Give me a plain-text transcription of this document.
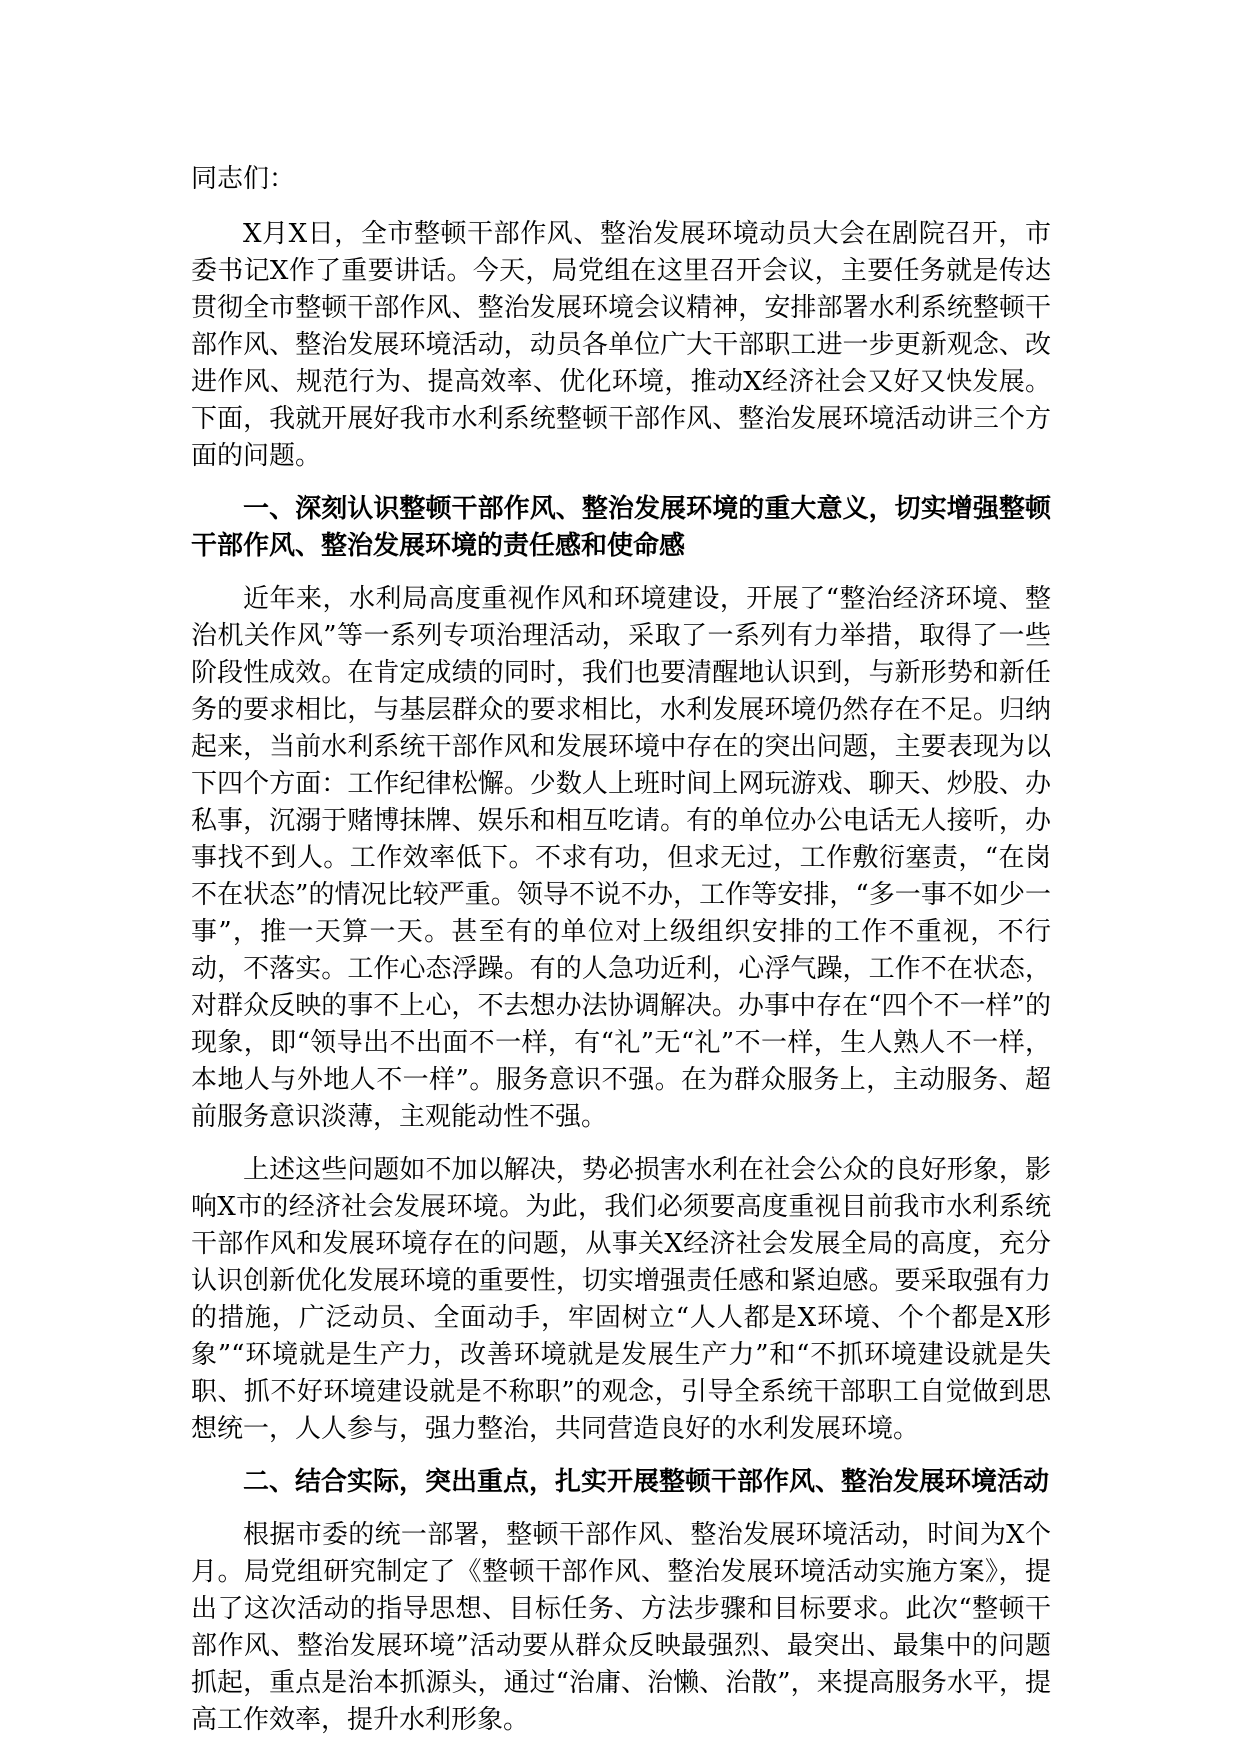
同志们：

X月X日，全市整顿干部作风、整治发展环境动员大会在剧院召开，市委书记X作了重要讲话。今天，局党组在这里召开会议，主要任务就是传达贯彻全市整顿干部作风、整治发展环境会议精神，安排部署水利系统整顿干部作风、整治发展环境活动，动员各单位广大干部职工进一步更新观念、改进作风、规范行为、提高效率、优化环境，推动X经济社会又好又快发展。下面，我就开展好我市水利系统整顿干部作风、整治发展环境活动讲三个方面的问题。

一、深刻认识整顿干部作风、整治发展环境的重大意义，切实增强整顿干部作风、整治发展环境的责任感和使命感

近年来，水利局高度重视作风和环境建设，开展了“整治经济环境、整治机关作风”等一系列专项治理活动，采取了一系列有力举措，取得了一些阶段性成效。在肯定成绩的同时，我们也要清醒地认识到，与新形势和新任务的要求相比，与基层群众的要求相比，水利发展环境仍然存在不足。归纳起来，当前水利系统干部作风和发展环境中存在的突出问题，主要表现为以下四个方面：工作纪律松懈。少数人上班时间上网玩游戏、聊天、炒股、办私事，沉溺于赌博抹牌、娱乐和相互吃请。有的单位办公电话无人接听，办事找不到人。工作效率低下。不求有功，但求无过，工作敷衍塞责，“在岗不在状态”的情况比较严重。领导不说不办，工作等安排，“多一事不如少一事”，推一天算一天。甚至有的单位对上级组织安排的工作不重视，不行动，不落实。工作心态浮躁。有的人急功近利，心浮气躁，工作不在状态，对群众反映的事不上心，不去想办法协调解决。办事中存在“四个不一样”的现象，即“领导出不出面不一样，有“礼”无“礼”不一样，生人熟人不一样，本地人与外地人不一样”。服务意识不强。在为群众服务上，主动服务、超前服务意识淡薄，主观能动性不强。

上述这些问题如不加以解决，势必损害水利在社会公众的良好形象，影响X市的经济社会发展环境。为此，我们必须要高度重视目前我市水利系统干部作风和发展环境存在的问题，从事关X经济社会发展全局的高度，充分认识创新优化发展环境的重要性，切实增强责任感和紧迫感。要采取强有力的措施，广泛动员、全面动手，牢固树立“人人都是X环境、个个都是X形象”“环境就是生产力，改善环境就是发展生产力”和“不抓环境建设就是失职、抓不好环境建设就是不称职”的观念，引导全系统干部职工自觉做到思想统一，人人参与，强力整治，共同营造良好的水利发展环境。

二、结合实际，突出重点，扎实开展整顿干部作风、整治发展环境活动

根据市委的统一部署，整顿干部作风、整治发展环境活动，时间为X个月。局党组研究制定了《整顿干部作风、整治发展环境活动实施方案》，提出了这次活动的指导思想、目标任务、方法步骤和目标要求。此次“整顿干部作风、整治发展环境”活动要从群众反映最强烈、最突出、最集中的问题抓起，重点是治本抓源头，通过“治庸、治懒、治散”，来提高服务水平，提高工作效率，提升水利形象。
